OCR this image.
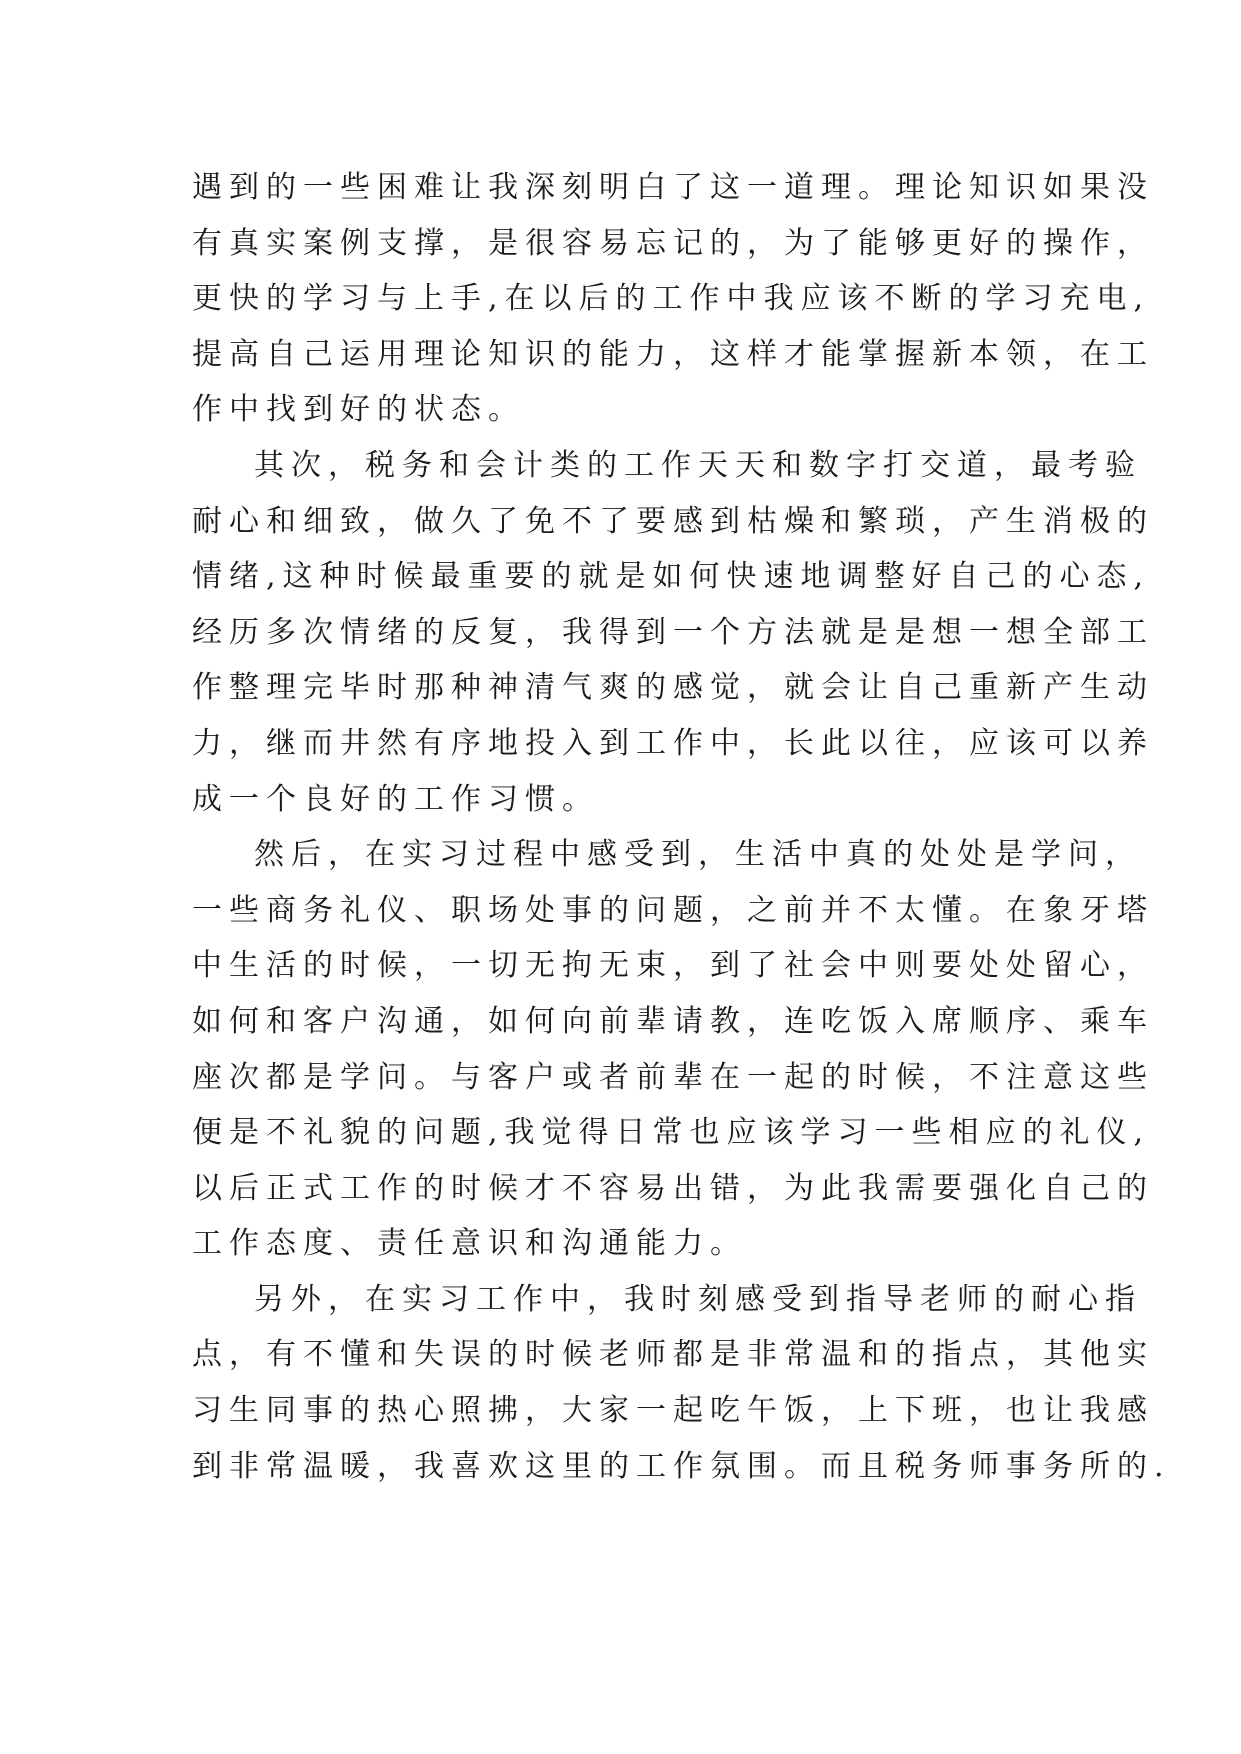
遇到的一些困难让我深刻明白了这一道理。理论知识如果没
有真实案例支撑，是很容易忘记的，为了能够更好的操作，
更快的学习与上手,在以后的工作中我应该不断的学习充电,
提高自己运用理论知识的能力，这样才能掌握新本领，在工
作中找到好的状态。
其次，税务和会计类的工作天天和数字打交道，最考验
耐心和细致，做久了免不了要感到枯燥和繁琐，产生消极的
情绪,这种时候最重要的就是如何快速地调整好自己的心态,
经历多次情绪的反复，我得到一个方法就是是想一想全部工
作整理完毕时那种神清气爽的感觉，就会让自己重新产生动
力，继而井然有序地投入到工作中，长此以往，应该可以养
成一个良好的工作习惯。
然后，在实习过程中感受到，生活中真的处处是学问，
一些商务礼仪、职场处事的问题，之前并不太懂。在象牙塔
中生活的时候，一切无拘无束，到了社会中则要处处留心，
如何和客户沟通，如何向前辈请教，连吃饭入席顺序、乘车
座次都是学问。与客户或者前辈在一起的时候，不注意这些
便是不礼貌的问题,我觉得日常也应该学习一些相应的礼仪,
以后正式工作的时候才不容易出错，为此我需要强化自己的
工作态度、责任意识和沟通能力。
另外，在实习工作中，我时刻感受到指导老师的耐心指
点，有不懂和失误的时候老师都是非常温和的指点，其他实
习生同事的热心照拂，大家一起吃午饭，上下班，也让我感
到非常温暖，我喜欢这里的工作氛围。而且税务师事务所的.
